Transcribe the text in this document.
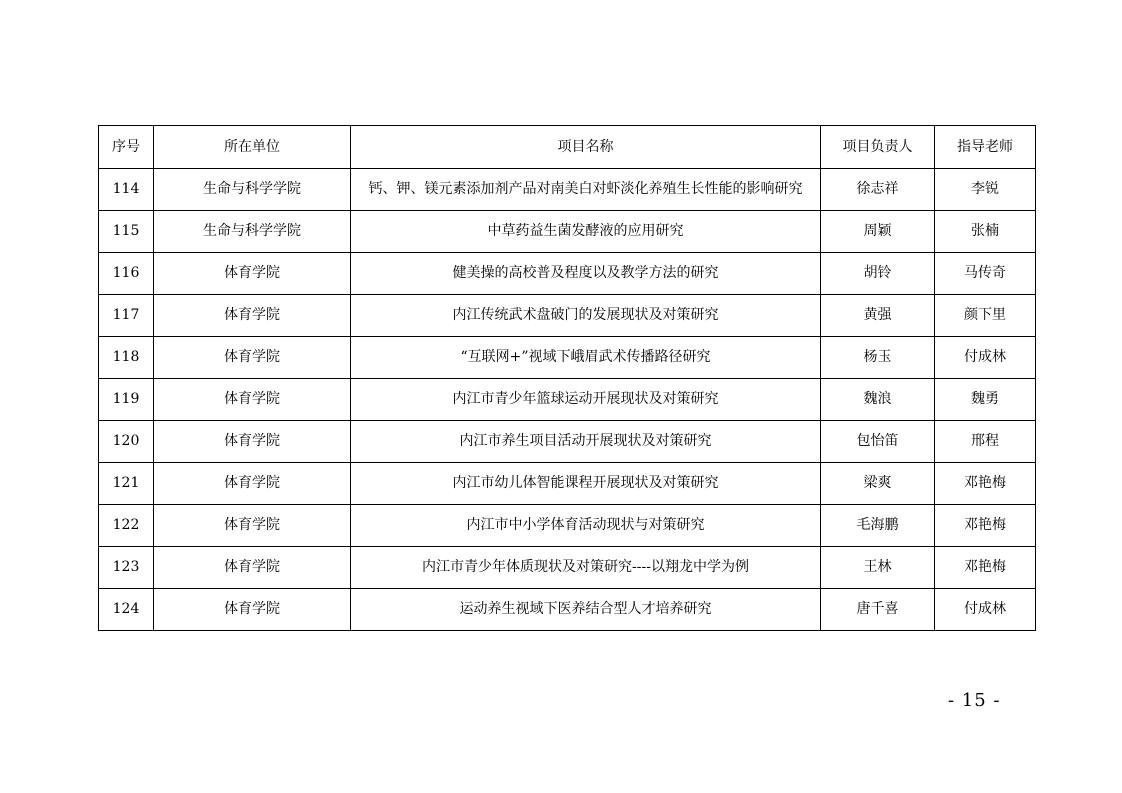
序号	所在单位	项目名称	项目负责人	指导老师
114	生命与科学学院	钙、钾、镁元素添加剂产品对南美白对虾淡化养殖生长性能的影响研究	徐志祥	李锐
115	生命与科学学院	中草药益生菌发酵液的应用研究	周颖	张楠
116	体育学院	健美操的高校普及程度以及教学方法的研究	胡铃	马传奇
117	体育学院	内江传统武术盘破门的发展现状及对策研究	黄强	颜下里
118	体育学院	“互联网+”视域下峨眉武术传播路径研究	杨玉	付成林
119	体育学院	内江市青少年篮球运动开展现状及对策研究	魏浪	魏勇
120	体育学院	内江市养生项目活动开展现状及对策研究	包怡笛	邢程
121	体育学院	内江市幼儿体智能课程开展现状及对策研究	梁爽	邓艳梅
122	体育学院	内江市中小学体育活动现状与对策研究	毛海鹏	邓艳梅
123	体育学院	内江市青少年体质现状及对策研究----以翔龙中学为例	王林	邓艳梅
124	体育学院	运动养生视域下医养结合型人才培养研究	唐千喜	付成林
- 15 -
